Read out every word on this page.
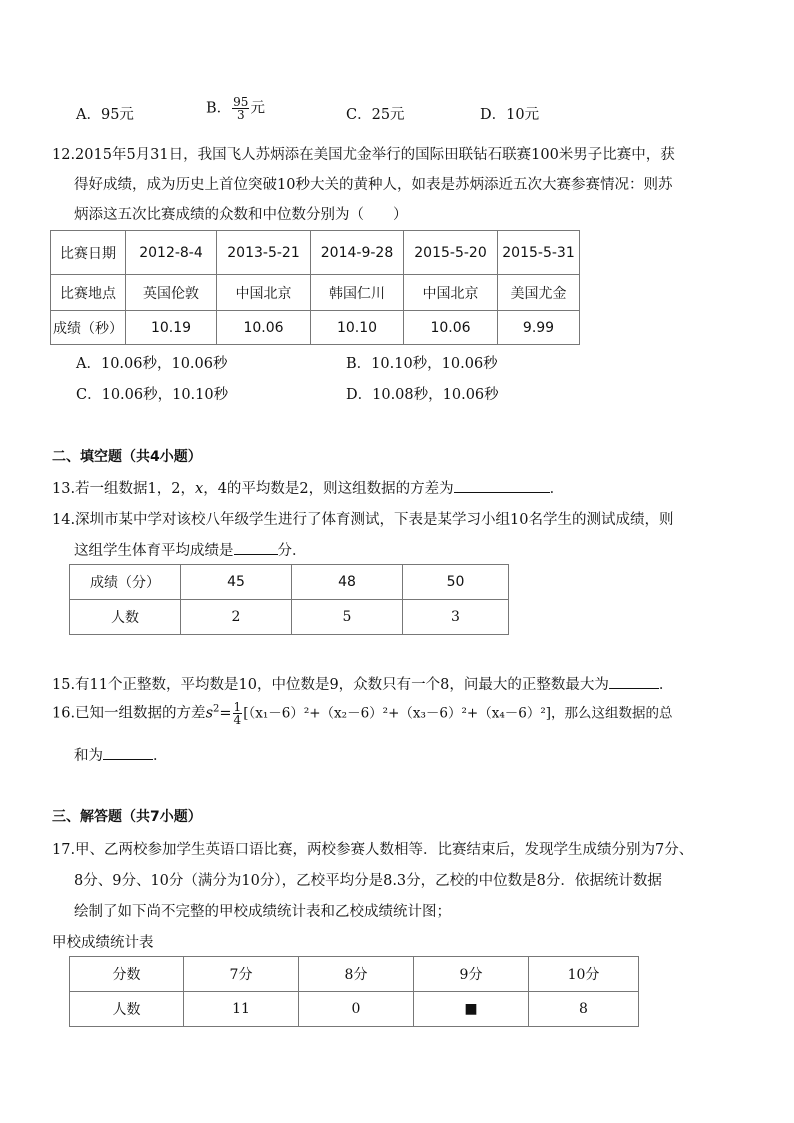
A．95元	B． $\frac{95}{3}$ 元	C．25元	D．10元
12.2015年5月31日，我国飞人苏炳添在美国尤金举行的国际田联钻石联赛100米男子比赛中，获
得好成绩，成为历史上首位突破10秒大关的黄种人，如表是苏炳添近五次大赛参赛情况：则苏
炳添这五次比赛成绩的众数和中位数分别为（　　）
比赛日期	2012-8-4	2013-5-21	2014-9-28	2015-5-20	2015-5-31
比赛地点	英国伦敦	中国北京	韩国仁川	中国北京	美国尤金
成绩（秒）	10.19	10.06	10.10	10.06	9.99
A．10.06秒，10.06秒	B．10.10秒，10.06秒
C．10.06秒，10.10秒	D．10.08秒，10.06秒
二、填空题（共4小题）
13.若一组数据1，2，x，4的平均数是2，则这组数据的方差为	．
14.深圳市某中学对该校八年级学生进行了体育测试，下表是某学习小组10名学生的测试成绩，则
这组学生体育平均成绩是	分．
成绩（分）	45	48	50
人数	2	5	3
15.有11个正整数，平均数是10，中位数是9，众数只有一个8，问最大的正整数最大为	．
16.已知一组数据的方差$s^2= \frac{1}{4} [(x_1-6)^2+(x_2-6)^2+(x_3-6)^2+(x_4-6)^2]$，那么这组数据的总
和为	．
三、解答题（共7小题）
17.甲、乙两校参加学生英语口语比赛，两校参赛人数相等．比赛结束后，发现学生成绩分别为7分、
8分、9分、10分（满分为10分），乙校平均分是8.3分，乙校的中位数是8分．依据统计数据
绘制了如下尚不完整的甲校成绩统计表和乙校成绩统计图；
甲校成绩统计表
分数	7分	8分	9分	10分
人数	11	0	■	8
